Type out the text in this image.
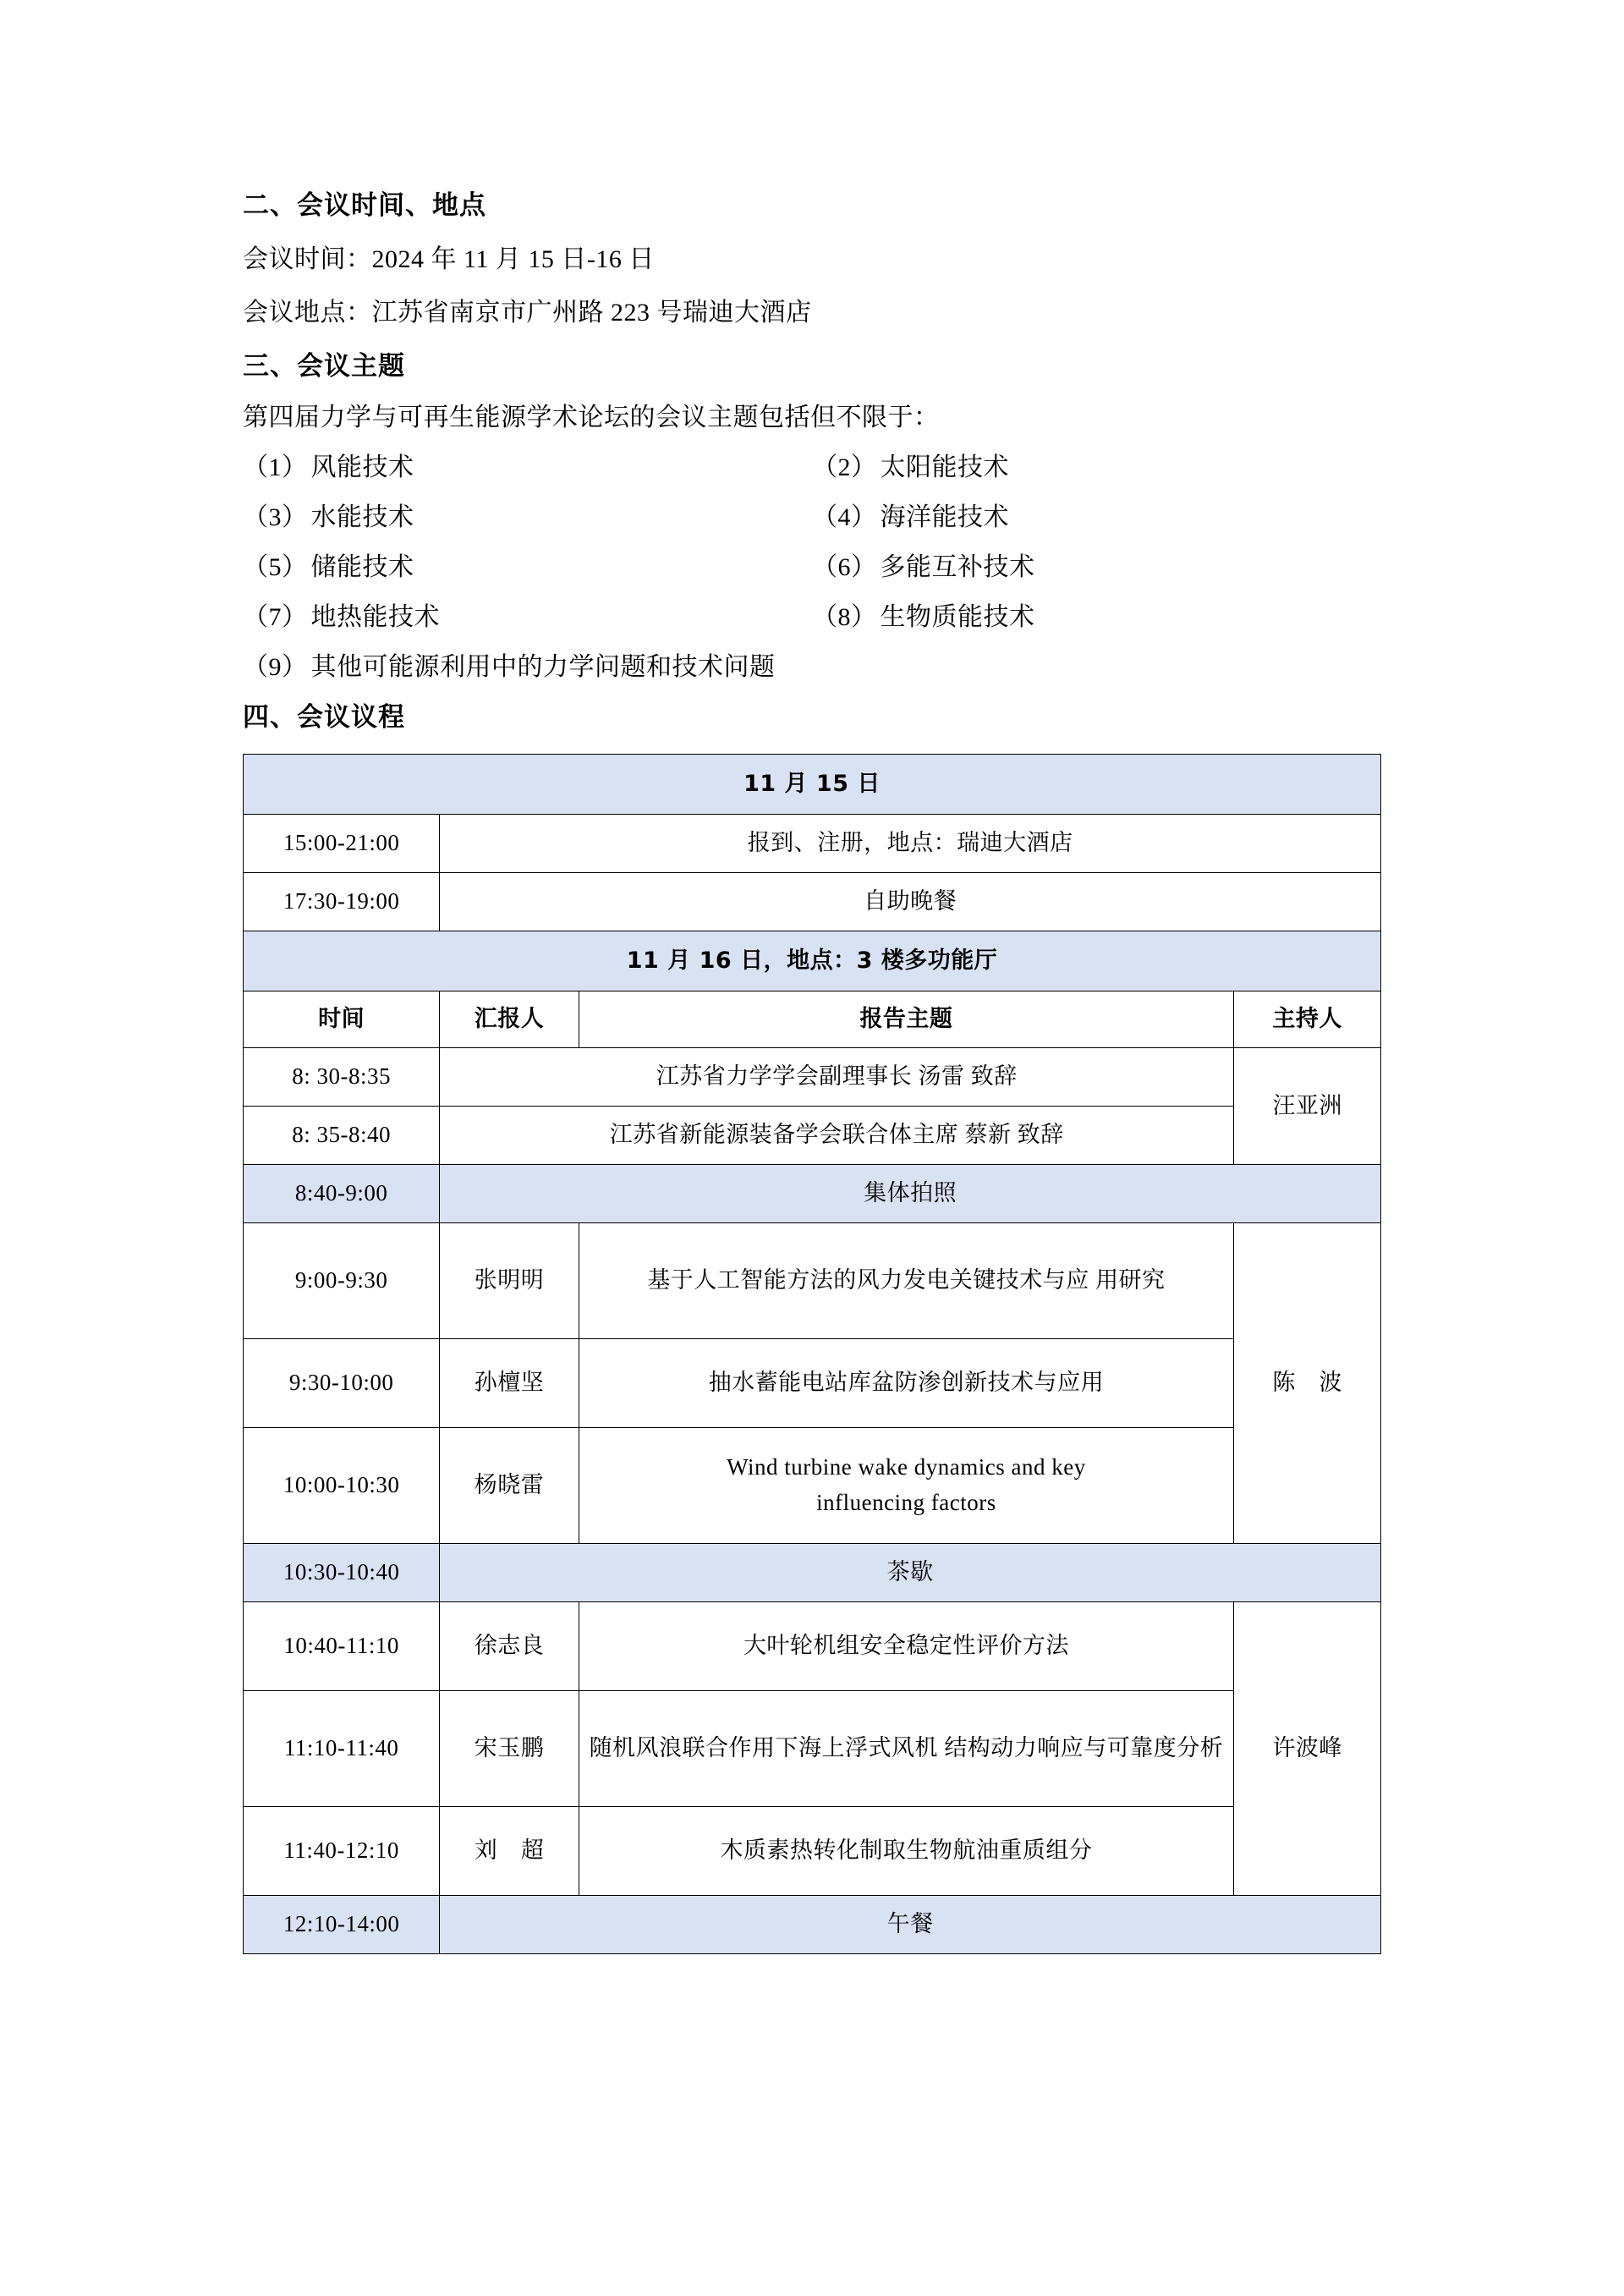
二、会议时间、地点

会议时间：2024 年 11 月 15 日-16 日

会议地点：江苏省南京市广州路 223 号瑞迪大酒店

三、会议主题

第四届力学与可再生能源学术论坛的会议主题包括但不限于：

（1） 风能技术	（2） 太阳能技术
（3） 水能技术	（4） 海洋能技术
（5） 储能技术	（6） 多能互补技术
（7） 地热能技术	（8） 生物质能技术
（9） 其他可能源利用中的力学问题和技术问题
四、会议议程
11 月 15 日			
15:00-21:00	报到、注册，地点：瑞迪大酒店		
17:30-19:00	自助晚餐		
11 月 16 日，地点：3 楼多功能厅			
时间	汇报人	报告主题	主持人
8: 30-8:35	江苏省力学学会副理事长 汤雷 致辞		汪亚洲
8: 35-8:40	江苏省新能源装备学会联合体主席 蔡新 致辞		
8:40-9:00	集体拍照		
9:00-9:30	张明明	基于人工智能方法的风力发电关键技术与应 用研究	陈　波
9:30-10:00	孙檀坚	抽水蓄能电站库盆防渗创新技术与应用	
10:00-10:30	杨晓雷	Wind turbine wake dynamics and key
influencing factors	
10:30-10:40	茶歇		
10:40-11:10	徐志良	大叶轮机组安全稳定性评价方法	许波峰
11:10-11:40	宋玉鹏	随机风浪联合作用下海上浮式风机 结构动力响应与可靠度分析	
11:40-12:10	刘　超	木质素热转化制取生物航油重质组分	
12:10-14:00	午餐		
